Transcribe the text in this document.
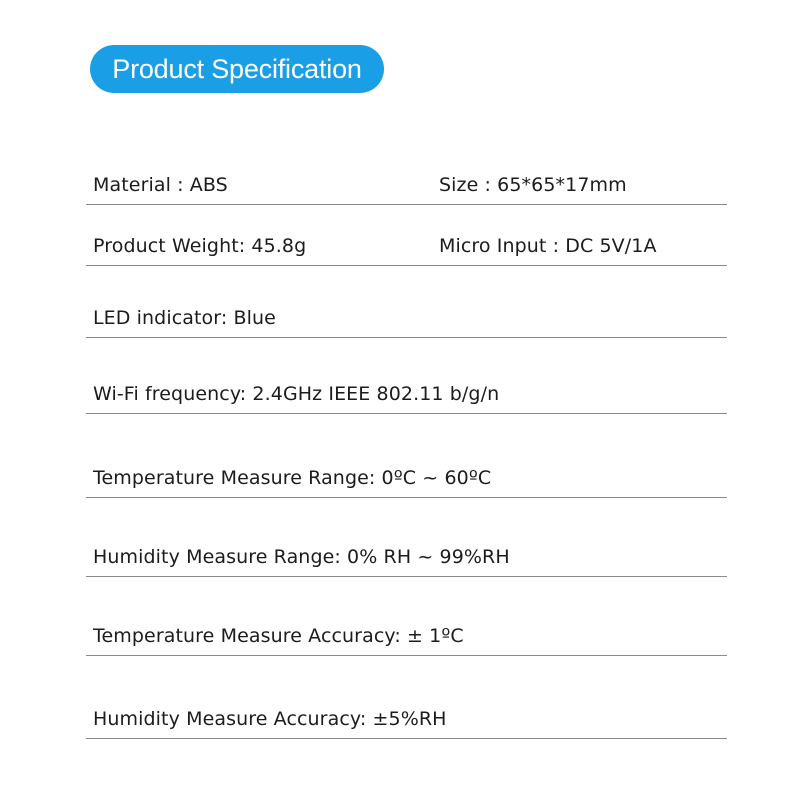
Product Specification
Material : ABS	Size : 65*65*17mm
Product Weight: 45.8g	Micro Input : DC 5V/1A
LED indicator: Blue
Wi-Fi frequency: 2.4GHz IEEE 802.11 b/g/n
Temperature Measure Range: 0ºC ~ 60ºC
Humidity Measure Range: 0% RH ~ 99%RH
Temperature Measure Accuracy: ± 1ºC
Humidity Measure Accuracy: ±5%RH
